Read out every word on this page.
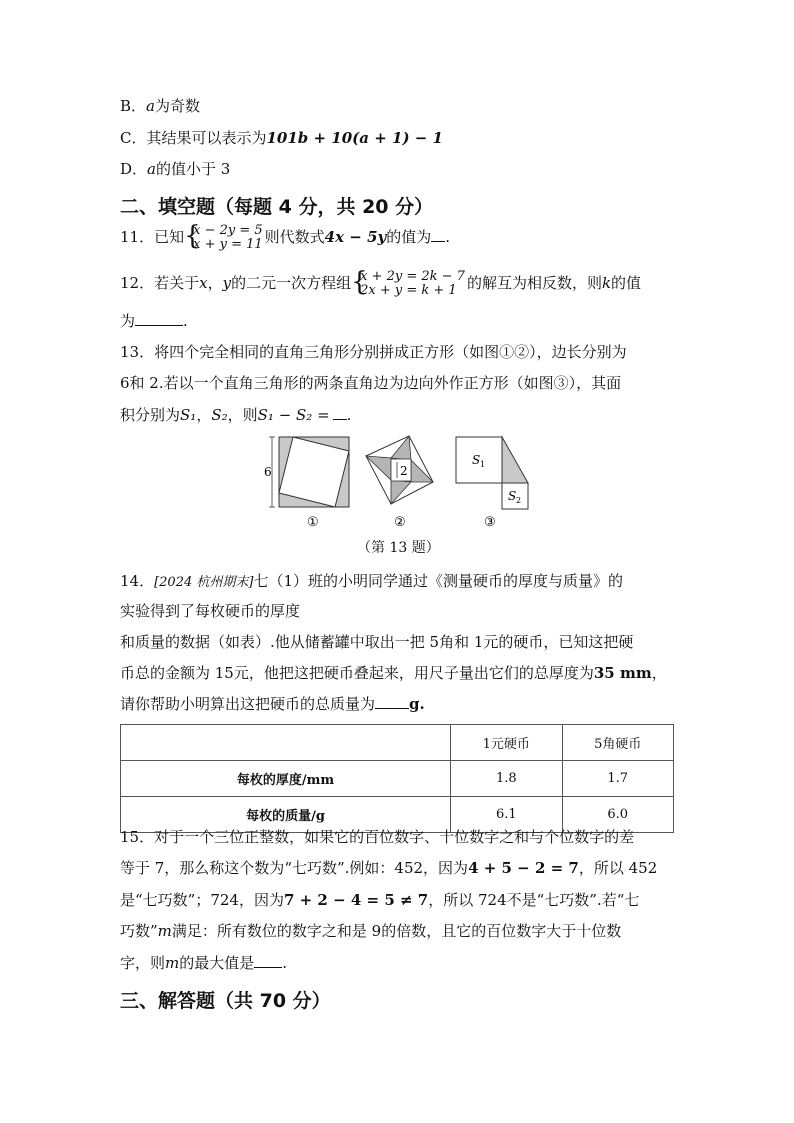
B．a为奇数
C．其结果可以表示为101b + 10(a + 1) − 1
D．a的值小于 3
二、填空题（每题 4 分，共 20 分）
11．已知 {
x − 2y = 5
x + y = 11 则代数式4x − 5y的值为 .
12．若关于x，y的二元一次方程组 {
x + 2y = 2k − 7
2x + y = k + 1 的解互为相反数，则k的值
为	.
13．将四个完全相同的直角三角形分别拼成正方形（如图①②），边长分别为
6和 2.若以一个直角三角形的两条直角边为边向外作正方形（如图③），其面
积分别为S₁，S₂，则S₁ − S₂ = .
6
①
2
②
S 1
S 2
③
（第 13 题）
14．[2024 杭州期末]七（1）班的小明同学通过《测量硬币的厚度与质量》的
实验得到了每枚硬币的厚度
和质量的数据（如表）.他从储蓄罐中取出一把 5角和 1元的硬币，已知这把硬
币总的金额为 15元，他把这把硬币叠起来，用尺子量出它们的总厚度为35 mm，
请你帮助小明算出这把硬币的总质量为 g.
	1元硬币	5角硬币
每枚的厚度/mm	1.8	1.7
每枚的质量/g	6.1	6.0
15．对于一个三位正整数，如果它的百位数字、十位数字之和与个位数字的差
等于 7，那么称这个数为“七巧数”.例如：452，因为4 + 5 − 2 = 7，所以 452
是“七巧数”；724，因为7 + 2 − 4 = 5 ≠ 7，所以 724不是“七巧数”.若“七
巧数”m满足：所有数位的数字之和是 9的倍数，且它的百位数字大于十位数
字，则m的最大值是 .
三、解答题（共 70 分）
